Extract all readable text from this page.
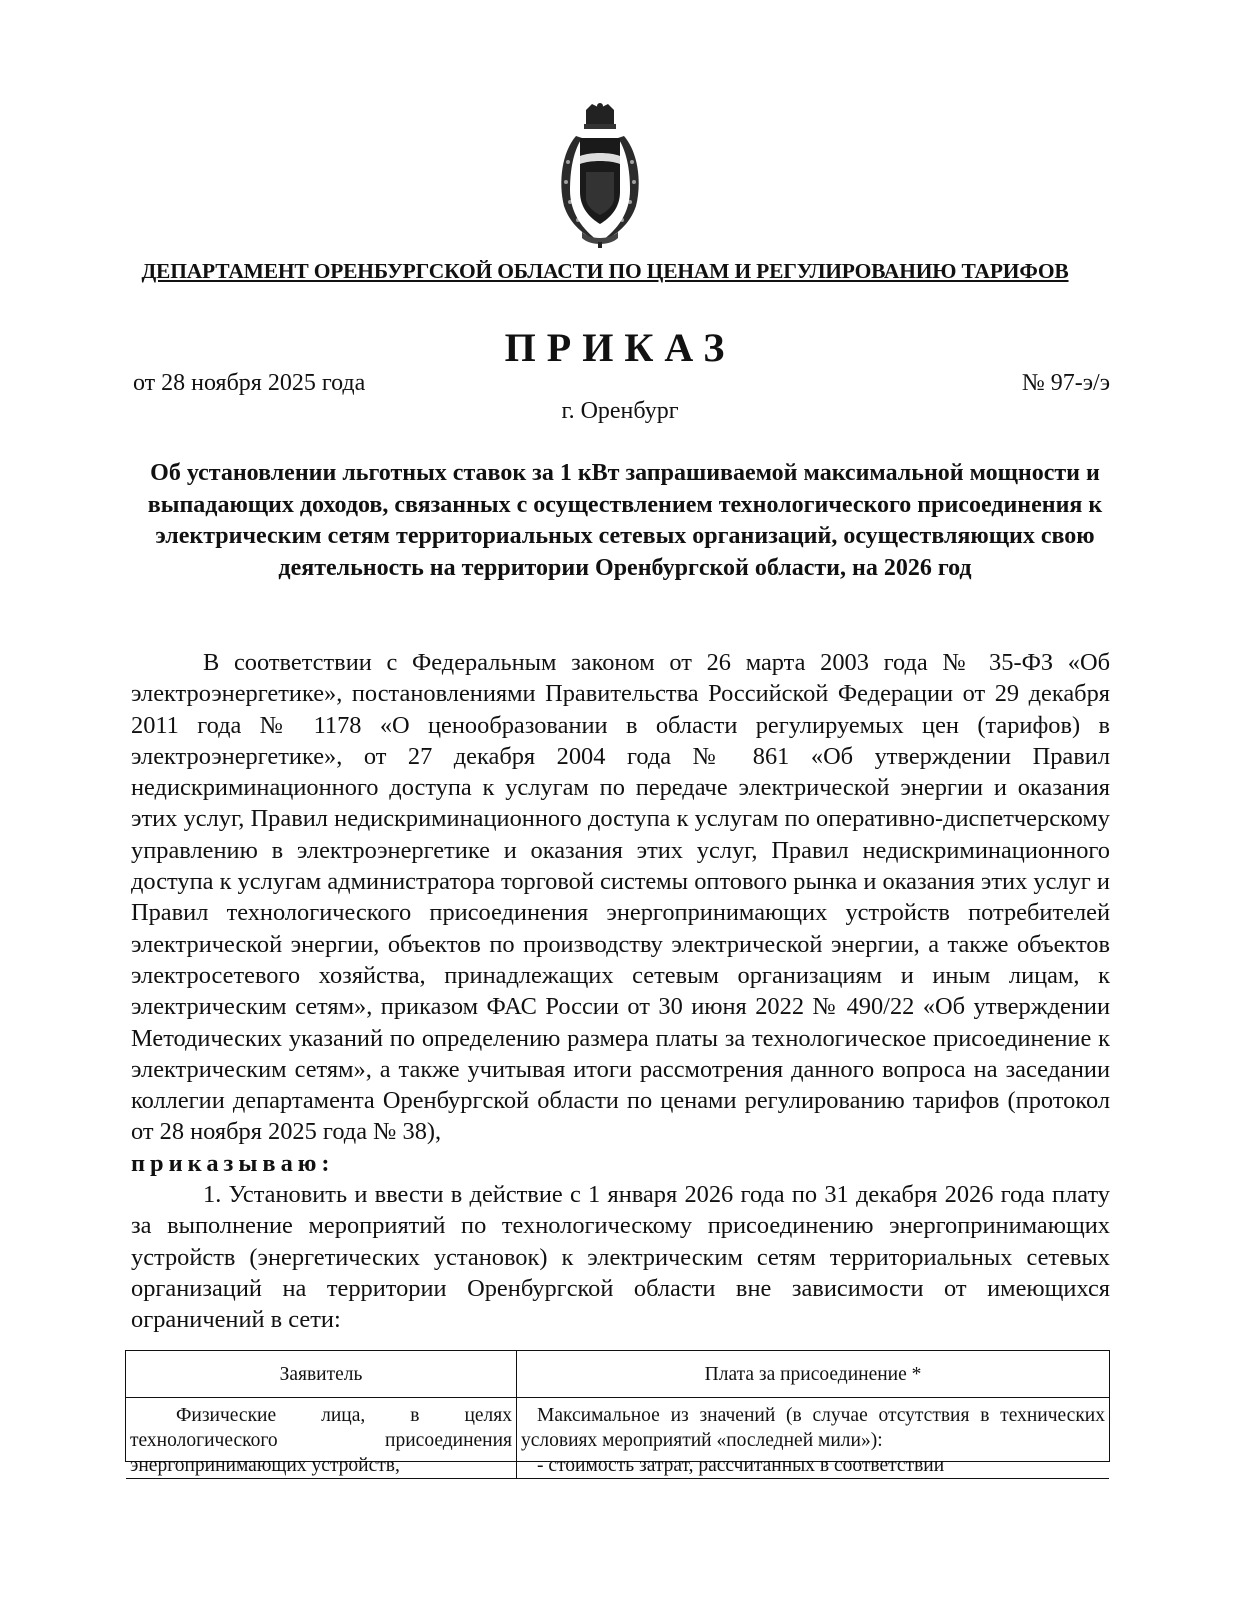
ДЕПАРТАМЕНТ ОРЕНБУРГСКОЙ ОБЛАСТИ ПО ЦЕНАМ И РЕГУЛИРОВАНИЮ ТАРИФОВ
ПРИКАЗ
от 28 ноября 2025 года	№ 97-э/э
г. Оренбург
Об установлении льготных ставок за 1 кВт запрашиваемой максимальной мощности и выпадающих доходов, связанных с осуществлением технологического присоединения к электрическим сетям территориальных сетевых организаций, осуществляющих свою деятельность на территории Оренбургской области, на 2026 год

В соответствии с Федеральным законом от 26 марта 2003 года № 35-ФЗ «Об электроэнергетике», постановлениями Правительства Российской Федерации от 29 декабря 2011 года № 1178 «О ценообразовании в области регулируемых цен (тарифов) в электроэнергетике», от 27 декабря 2004 года № 861 «Об утверждении Правил недискриминационного доступа к услугам по передаче электрической энергии и оказания этих услуг, Правил недискриминационного доступа к услугам по оперативно-диспетчерскому управлению в электроэнергетике и оказания этих услуг, Правил недискриминационного доступа к услугам администратора торговой системы оптового рынка и оказания этих услуг и Правил технологического присоединения энергопринимающих устройств потребителей электрической энергии, объектов по производству электрической энергии, а также объектов электросетевого хозяйства, принадлежащих сетевым организациям и иным лицам, к электрическим сетям», приказом ФАС России от 30 июня 2022 № 490/22 «Об утверждении Методических указаний по определению размера платы за технологическое присоединение к электрическим сетям», а также учитывая итоги рассмотрения данного вопроса на заседании коллегии департамента Оренбургской области по ценами регулированию тарифов (протокол от 28 ноября 2025 года № 38),

приказываю:

1. Установить и ввести в действие с 1 января 2026 года по 31 декабря 2026 года плату за выполнение мероприятий по технологическому присоединению энергопринимающих устройств (энергетических установок) к электрическим сетям территориальных сетевых организаций на территории Оренбургской области вне зависимости от имеющихся ограничений в сети:

Заявитель	Плата за присоединение *
Физические лица, в целях технологического присоединения энергопринимающих устройств,	Максимальное из значений (в случае отсутствия в технических условиях мероприятий «последней мили»):
- стоимость затрат, рассчитанных в соответствии
